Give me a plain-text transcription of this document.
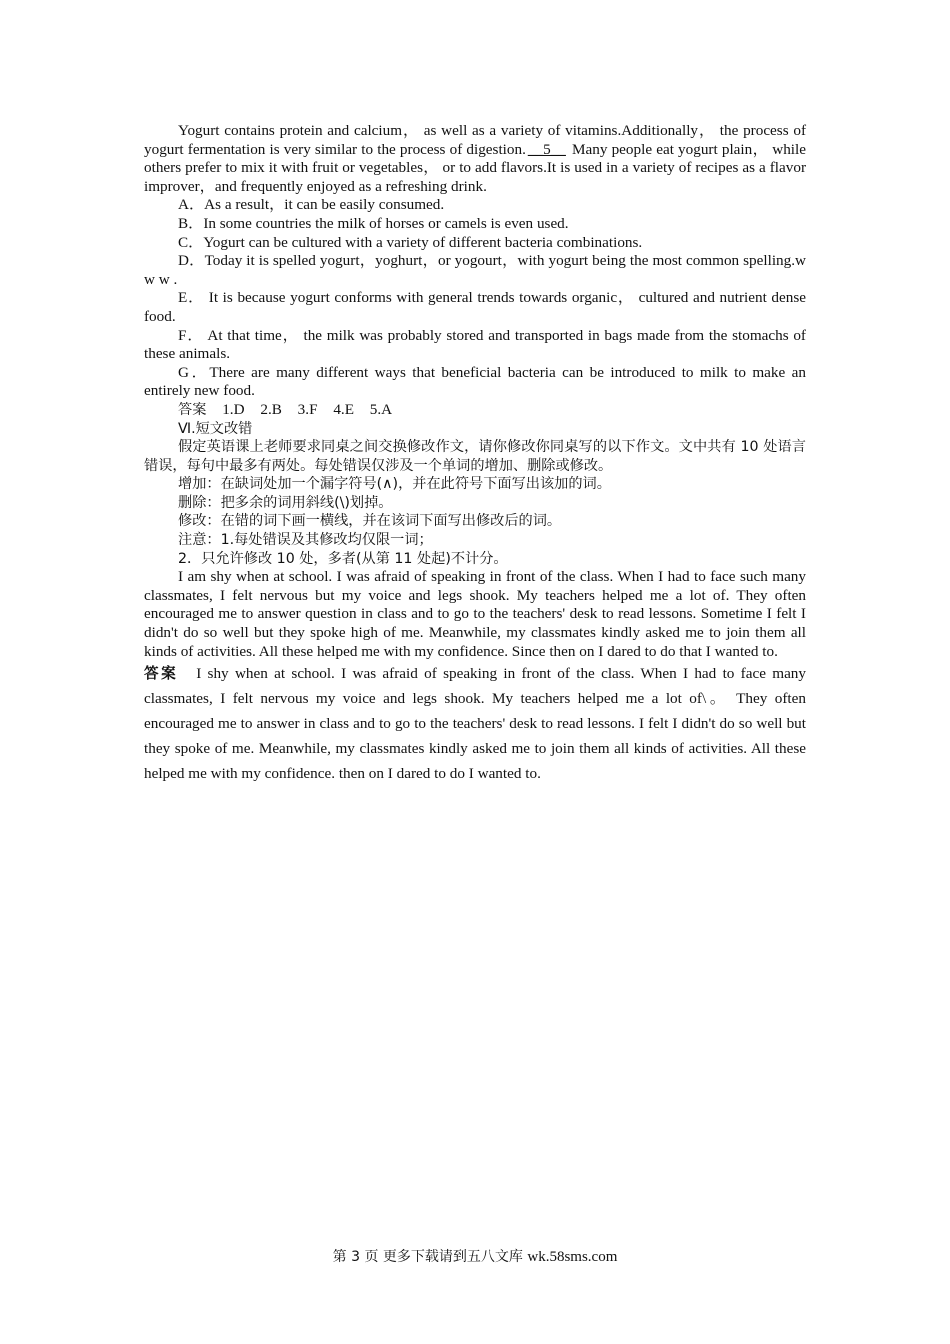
Yogurt contains protein and calcium， as well as a variety of vitamins.Additionally， the process of yogurt fermentation is very similar to the process of digestion. __5__ Many people eat yogurt plain， while others prefer to mix it with fruit or vegetables， or to add flavors.It is used in a variety of recipes as a flavor improver，and frequently enjoyed as a refreshing drink.

A．As a result，it can be easily consumed.

B．In some countries the milk of horses or camels is even used.

C．Yogurt can be cultured with a variety of different bacteria combinations.

D．Today it is spelled yogurt，yoghurt，or yogourt，with yogurt being the most common spelling.w w w .

E． It is because yogurt conforms with general trends towards organic， cultured and nutrient dense food.

F． At that time， the milk was probably stored and transported in bags made from the stomachs of these animals.

G．There are many different ways that beneficial bacteria can be introduced to milk to make an entirely new food.

答案 1.D 2.B 3.F 4.E 5.A

Ⅵ.短文改错

假定英语课上老师要求同桌之间交换修改作文，请你修改你同桌写的以下作文。文中共有 10 处语言错误，每句中最多有两处。每处错误仅涉及一个单词的增加、删除或修改。

增加：在缺词处加一个漏字符号(∧)，并在此符号下面写出该加的词。

删除：把多余的词用斜线(\)划掉。

修改：在错的词下画一横线，并在该词下面写出修改后的词。

注意：1.每处错误及其修改均仅限一词；

2．只允许修改 10 处，多者(从第 11 处起)不计分。

I am shy when at school. I was afraid of speaking in front of the class. When I had to face such many classmates, I felt nervous but my voice and legs shook. My teachers helped me a lot of. They often encouraged me to answer question in class and to go to the teachers' desk to read lessons. Sometime I felt I didn't do so well but they spoke high of me. Meanwhile, my classmates kindly asked me to join them all kinds of activities. All these helped me with my confidence. Since then on I dared to do that I wanted to.

答案 I shy when at school. I was afraid of speaking in front of the class. When I had to face many classmates, I felt nervous my voice and legs shook. My teachers helped me a lot of\。 They often encouraged me to answer in class and to go to the teachers' desk to read lessons. I felt I didn't do so well but they spoke of me. Meanwhile, my classmates kindly asked me to join them all kinds of activities. All these helped me with my confidence. then on I dared to do I wanted to.

第 3 页 更多下载请到五八文库 wk.58sms.com
